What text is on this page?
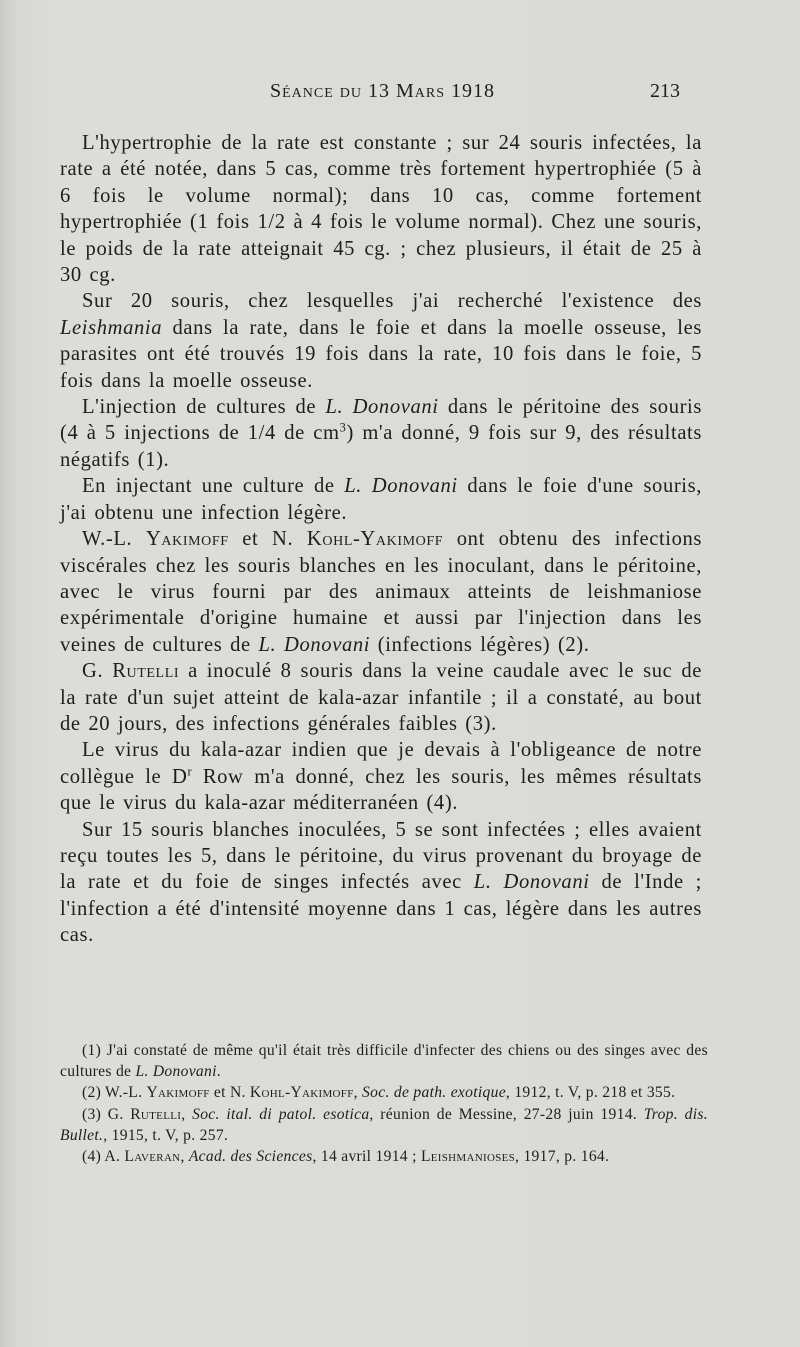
Séance du 13 Mars 1918	213

L'hypertrophie de la rate est constante ; sur 24 souris infectées, la rate a été notée, dans 5 cas, comme très fortement hypertrophiée (5 à 6 fois le volume normal); dans 10 cas, comme fortement hypertrophiée (1 fois 1/2 à 4 fois le volume normal). Chez une souris, le poids de la rate atteignait 45 cg. ; chez plusieurs, il était de 25 à 30 cg.

Sur 20 souris, chez lesquelles j'ai recherché l'existence des Leishmania dans la rate, dans le foie et dans la moelle osseuse, les parasites ont été trouvés 19 fois dans la rate, 10 fois dans le foie, 5 fois dans la moelle osseuse.

L'injection de cultures de L. Donovani dans le péritoine des souris (4 à 5 injections de 1/4 de $cm^3$) m'a donné, 9 fois sur 9, des résultats négatifs (1).

En injectant une culture de L. Donovani dans le foie d'une souris, j'ai obtenu une infection légère.

W.-L. Yakimoff et N. Kohl-Yakimoff ont obtenu des infections viscérales chez les souris blanches en les inoculant, dans le péritoine, avec le virus fourni par des animaux atteints de leishmaniose expérimentale d'origine humaine et aussi par l'injection dans les veines de cultures de L. Donovani (infections légères) (2).

G. Rutelli a inoculé 8 souris dans la veine caudale avec le suc de la rate d'un sujet atteint de kala-azar infantile ; il a constaté, au bout de 20 jours, des infections générales faibles (3).

Le virus du kala-azar indien que je devais à l'obligeance de notre collègue le $D^r$ Row m'a donné, chez les souris, les mêmes résultats que le virus du kala-azar méditerranéen (4).

Sur 15 souris blanches inoculées, 5 se sont infectées ; elles avaient reçu toutes les 5, dans le péritoine, du virus provenant du broyage de la rate et du foie de singes infectés avec L. Donovani de l'Inde ; l'infection a été d'intensité moyenne dans 1 cas, légère dans les autres cas.

(1) J'ai constaté de même qu'il était très difficile d'infecter des chiens ou des singes avec des cultures de L. Donovani.

(2) W.-L. Yakimoff et N. Kohl-Yakimoff, Soc. de path. exotique, 1912, t. V, p. 218 et 355.

(3) G. Rutelli, Soc. ital. di patol. esotica, réunion de Messine, 27-28 juin 1914. Trop. dis. Bullet., 1915, t. V, p. 257.

(4) A. Laveran, Acad. des Sciences, 14 avril 1914 ; Leishmanioses, 1917, p. 164.
